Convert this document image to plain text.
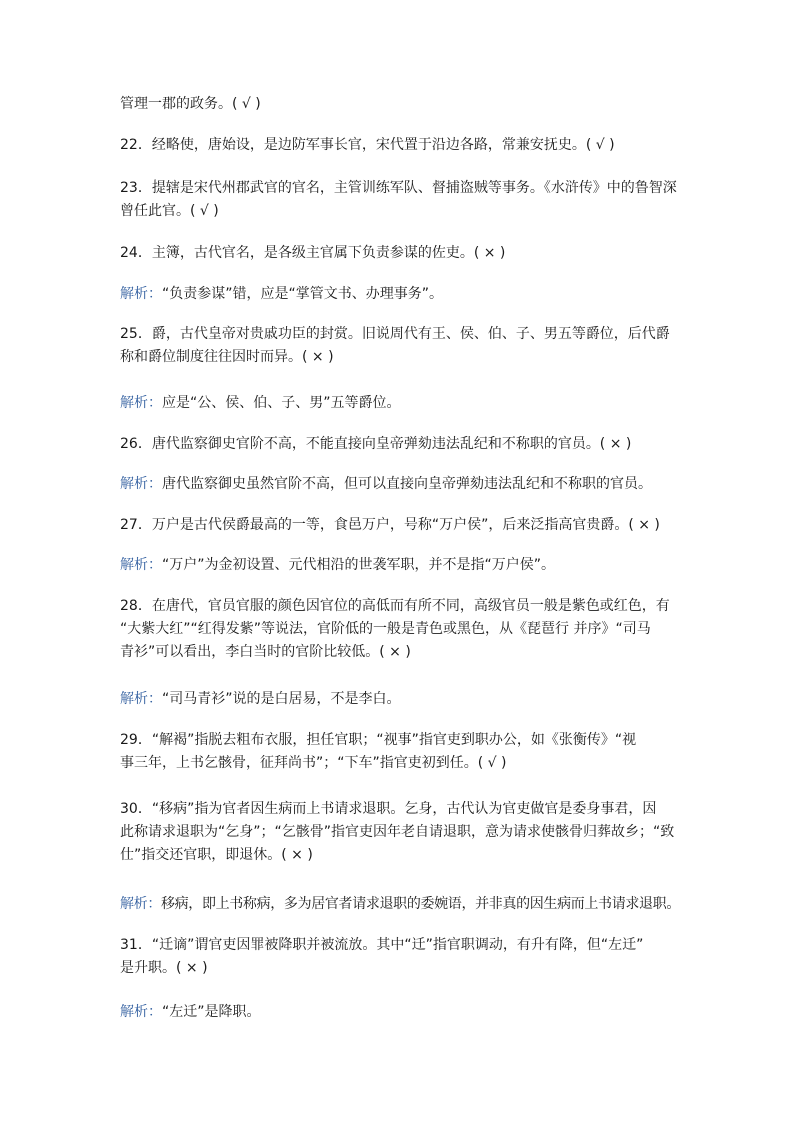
管理一郡的政务。( √ )
22．经略使，唐始设，是边防军事长官，宋代置于沿边各路，常兼安抚史。( √ )
23．提辖是宋代州郡武官的官名，主管训练军队、督捕盗贼等事务。《水浒传》中的鲁智深
曾任此官。( √ )
24．主簿，古代官名，是各级主官属下负责参谋的佐吏。( × )
解析：“负责参谋”错，应是“掌管文书、办理事务”。
25．爵，古代皇帝对贵戚功臣的封赏。旧说周代有王、侯、伯、子、男五等爵位，后代爵
称和爵位制度往往因时而异。( × )
解析：应是“公、侯、伯、子、男”五等爵位。
26．唐代监察御史官阶不高，不能直接向皇帝弹劾违法乱纪和不称职的官员。( × )
解析：唐代监察御史虽然官阶不高，但可以直接向皇帝弹劾违法乱纪和不称职的官员。
27．万户是古代侯爵最高的一等，食邑万户，号称“万户侯”，后来泛指高官贵爵。( × )
解析：“万户”为金初设置、元代相沿的世袭军职，并不是指“万户侯”。
28．在唐代，官员官服的颜色因官位的高低而有所不同，高级官员一般是紫色或红色，有
“大紫大红”“红得发紫”等说法，官阶低的一般是青色或黑色，从《琵琶行 并序》“司马
青衫”可以看出，李白当时的官阶比较低。( × )
解析：“司马青衫”说的是白居易，不是李白。
29．“解褐”指脱去粗布衣服，担任官职；“视事”指官吏到职办公，如《张衡传》“视
事三年，上书乞骸骨，征拜尚书”；“下车”指官吏初到任。( √ )
30．“移病”指为官者因生病而上书请求退职。乞身，古代认为官吏做官是委身事君，因
此称请求退职为“乞身”；“乞骸骨”指官吏因年老自请退职，意为请求使骸骨归葬故乡；“致
仕”指交还官职，即退休。( × )
解析：移病，即上书称病，多为居官者请求退职的委婉语，并非真的因生病而上书请求退职。
31．“迁谪”谓官吏因罪被降职并被流放。其中“迁”指官职调动，有升有降，但“左迁”
是升职。( × )
解析：“左迁”是降职。
